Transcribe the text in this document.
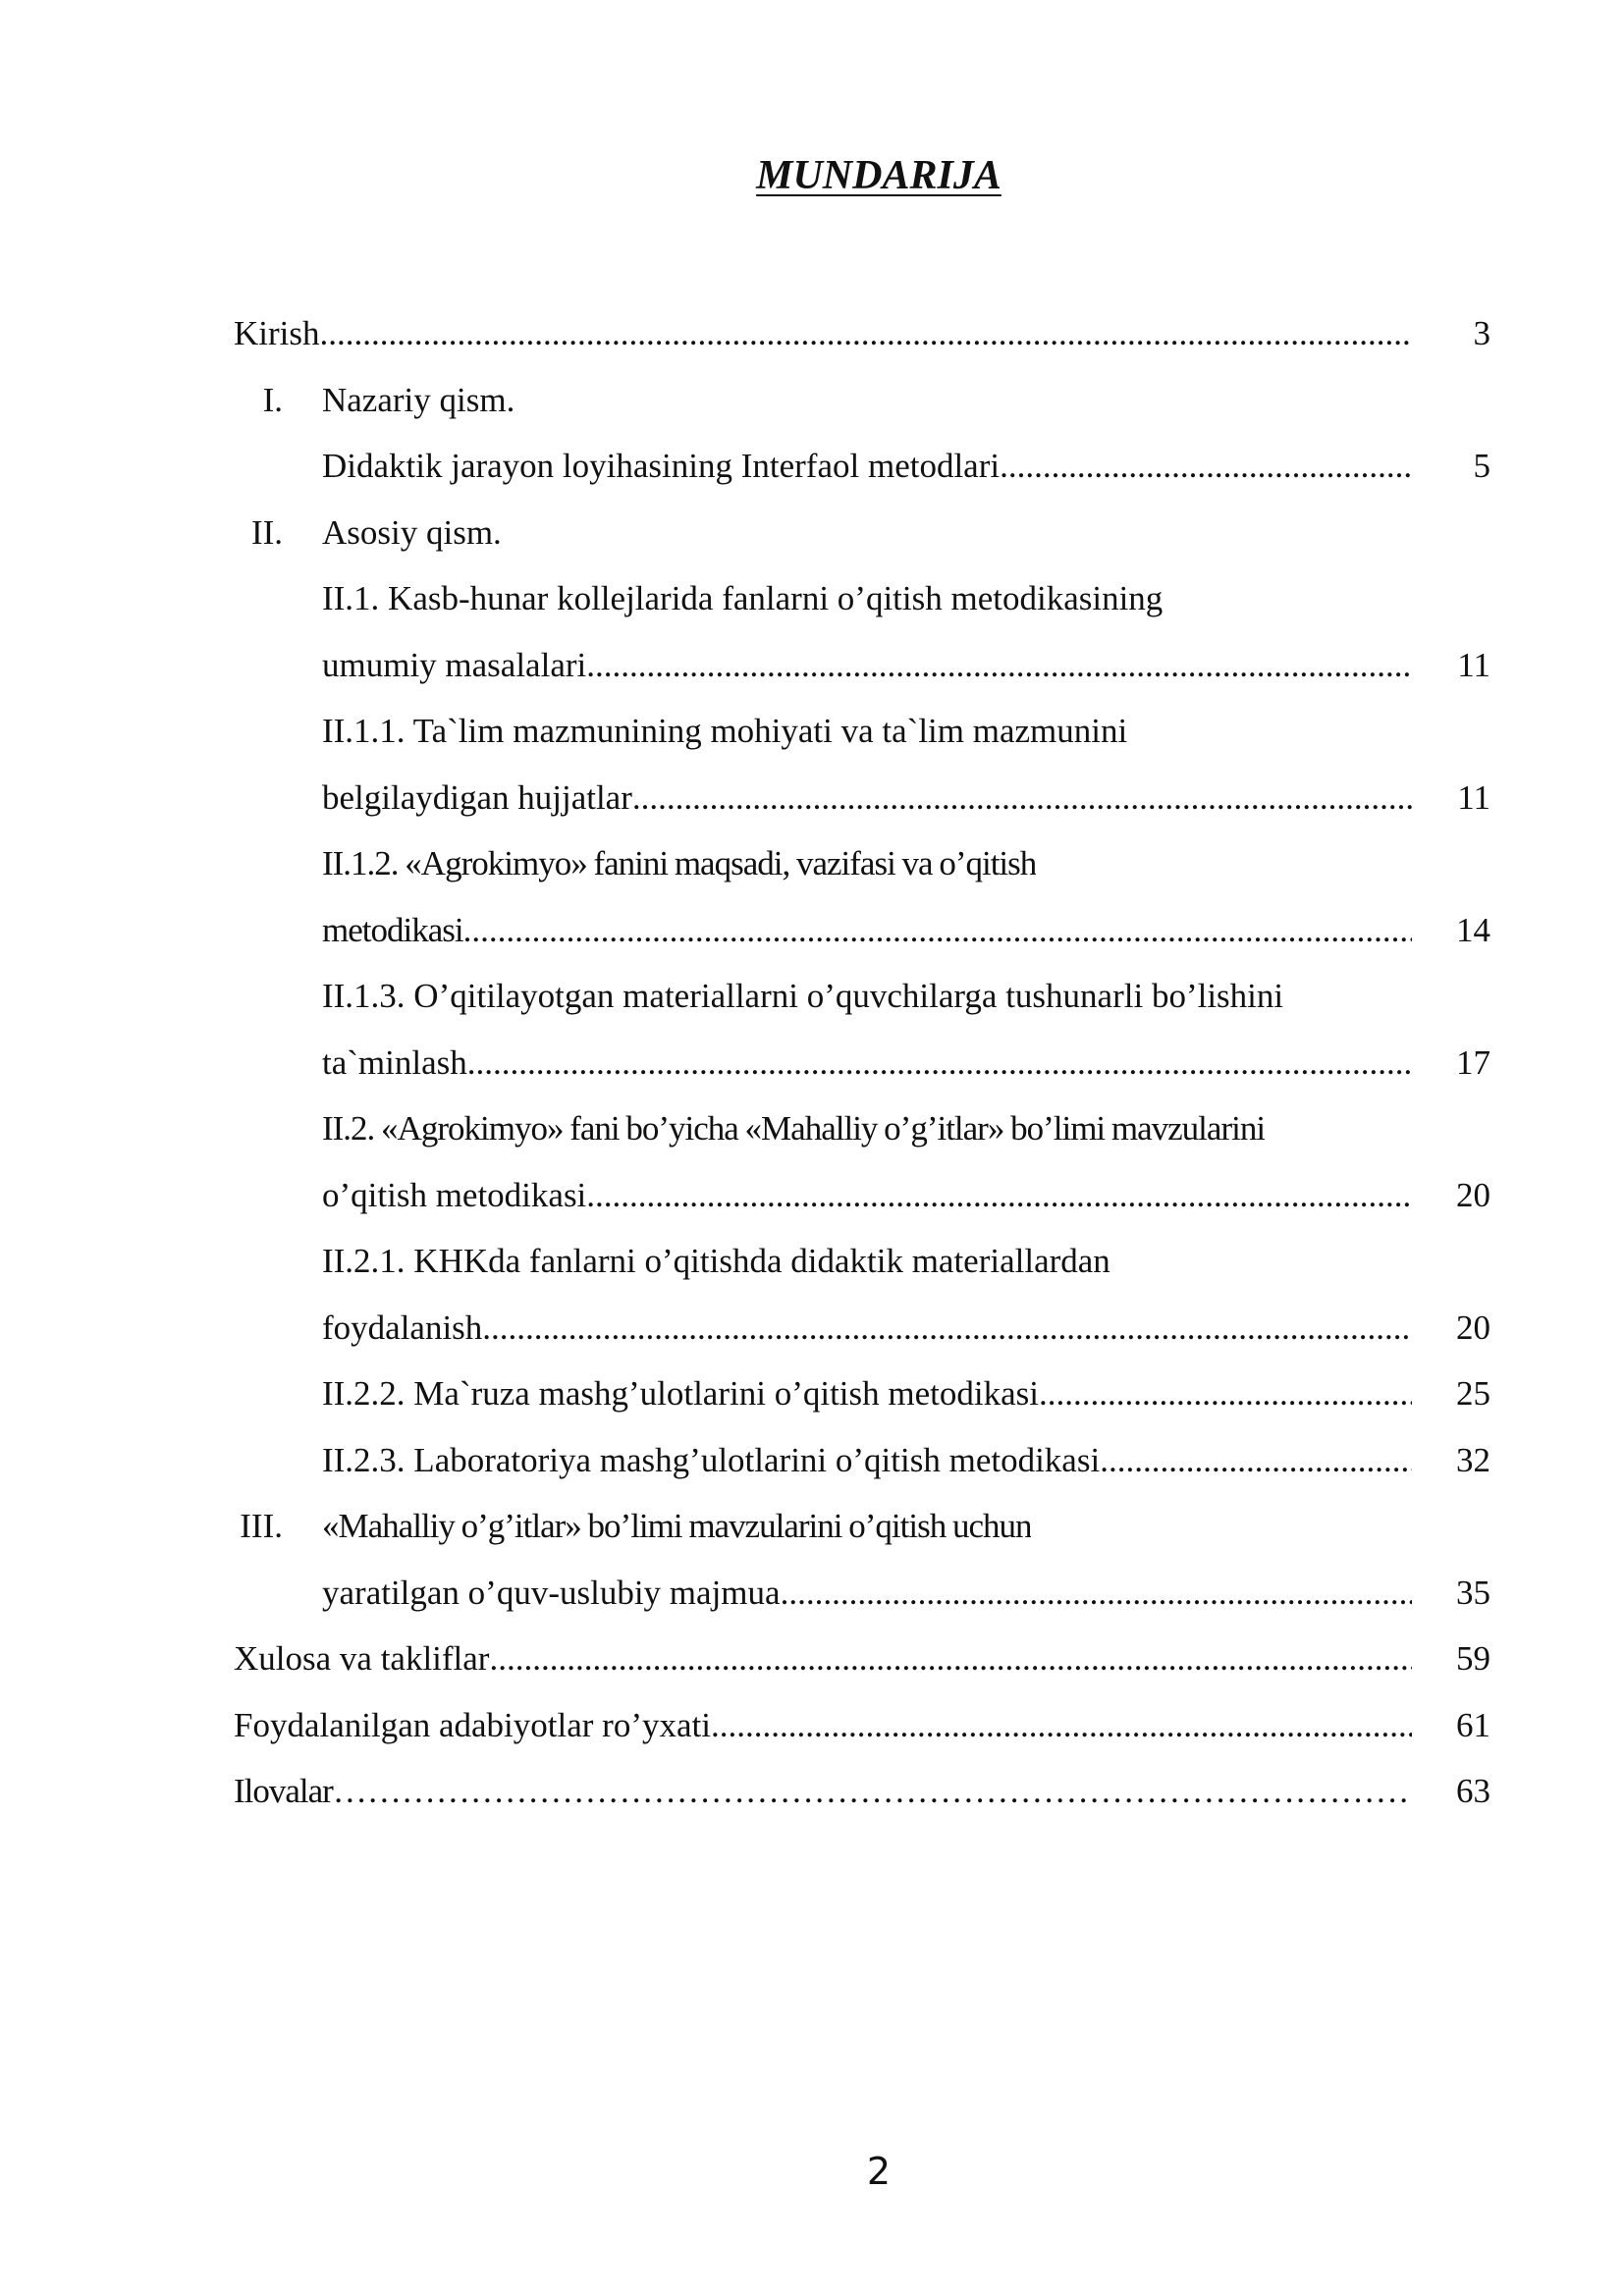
MUNDARIJA
Kirish .....	3
I. Nazariy qism.
Didaktik jarayon loyihasining Interfaol metodlari .....	5
II. Asosiy qism.
II.1. Kasb-hunar kollejlarida fanlarni o’qitish metodikasining
umumiy masalalari .....	11
II.1.1. Ta`lim mazmunining mohiyati va ta`lim mazmunini
belgilaydigan hujjatlar .....	11
II.1.2. «Agrokimyo» fanini maqsadi, vazifasi va o’qitish
metodikasi .....	14
II.1.3. O’qitilayotgan materiallarni o’quvchilarga tushunarli bo’lishini
ta`minlash .....	17
II.2. «Agrokimyo» fani bo’yicha «Mahalliy o’g’itlar» bo’limi mavzularini
o’qitish metodikasi .....	20
II.2.1. KHKda fanlarni o’qitishda didaktik materiallardan
foydalanish .....	20
II.2.2. Ma`ruza mashg’ulotlarini o’qitish metodikasi .....	25
II.2.3. Laboratoriya mashg’ulotlarini o’qitish metodikasi .....	32
III. «Mahalliy o’g’itlar» bo’limi mavzularini o’qitish uchun
yaratilgan o’quv-uslubiy majmua .....	35
Xulosa va takliflar .....	59
Foydalanilgan adabiyotlar ro’yxati .....	61
Ilovalar …………………………………………………………………………………………………………………………………………	63
2
